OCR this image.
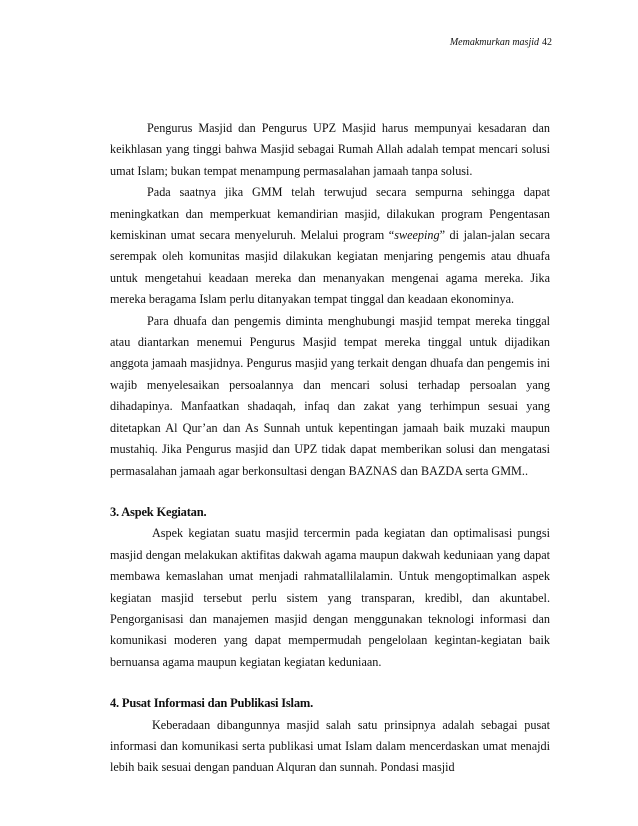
Memakmurkan masjid 42

Pengurus Masjid dan Pengurus UPZ Masjid harus mempunyai kesadaran dan keikhlasan yang tinggi bahwa Masjid sebagai Rumah Allah adalah tempat mencari solusi umat Islam; bukan tempat menampung permasalahan jamaah tanpa solusi.

Pada saatnya jika GMM telah terwujud secara sempurna sehingga dapat meningkatkan dan memperkuat kemandirian masjid, dilakukan program Pengentasan kemiskinan umat secara menyeluruh. Melalui program “sweeping” di jalan-jalan secara serempak oleh komunitas masjid dilakukan kegiatan menjaring pengemis atau dhuafa untuk mengetahui keadaan mereka dan menanyakan mengenai agama mereka. Jika mereka beragama Islam perlu ditanyakan tempat tinggal dan keadaan ekonominya.

Para dhuafa dan pengemis diminta menghubungi masjid tempat mereka tinggal atau diantarkan menemui Pengurus Masjid tempat mereka tinggal untuk dijadikan anggota jamaah masjidnya. Pengurus masjid yang terkait dengan dhuafa dan pengemis ini wajib menyelesaikan persoalannya dan mencari solusi terhadap persoalan yang dihadapinya. Manfaatkan shadaqah, infaq dan zakat yang terhimpun sesuai yang ditetapkan Al Qur’an dan As Sunnah untuk kepentingan jamaah baik muzaki maupun mustahiq. Jika Pengurus masjid dan UPZ tidak dapat memberikan solusi dan mengatasi permasalahan jamaah agar berkonsultasi dengan BAZNAS dan BAZDA serta GMM..

3. Aspek Kegiatan.

Aspek kegiatan suatu masjid tercermin pada kegiatan dan optimalisasi pungsi masjid dengan melakukan aktifitas dakwah agama maupun dakwah keduniaan yang dapat membawa kemaslahan umat menjadi rahmatallilalamin. Untuk mengoptimalkan aspek kegiatan masjid tersebut perlu sistem yang transparan, kredibl, dan akuntabel. Pengorganisasi dan manajemen masjid dengan menggunakan teknologi informasi dan komunikasi moderen yang dapat mempermudah pengelolaan kegintan-kegiatan baik bernuansa agama maupun kegiatan kegiatan keduniaan.

4. Pusat Informasi dan Publikasi Islam.

Keberadaan dibangunnya masjid salah satu prinsipnya adalah sebagai pusat informasi dan komunikasi serta publikasi umat Islam dalam mencerdaskan umat menajdi lebih baik sesuai dengan panduan Alquran dan sunnah. Pondasi masjid
